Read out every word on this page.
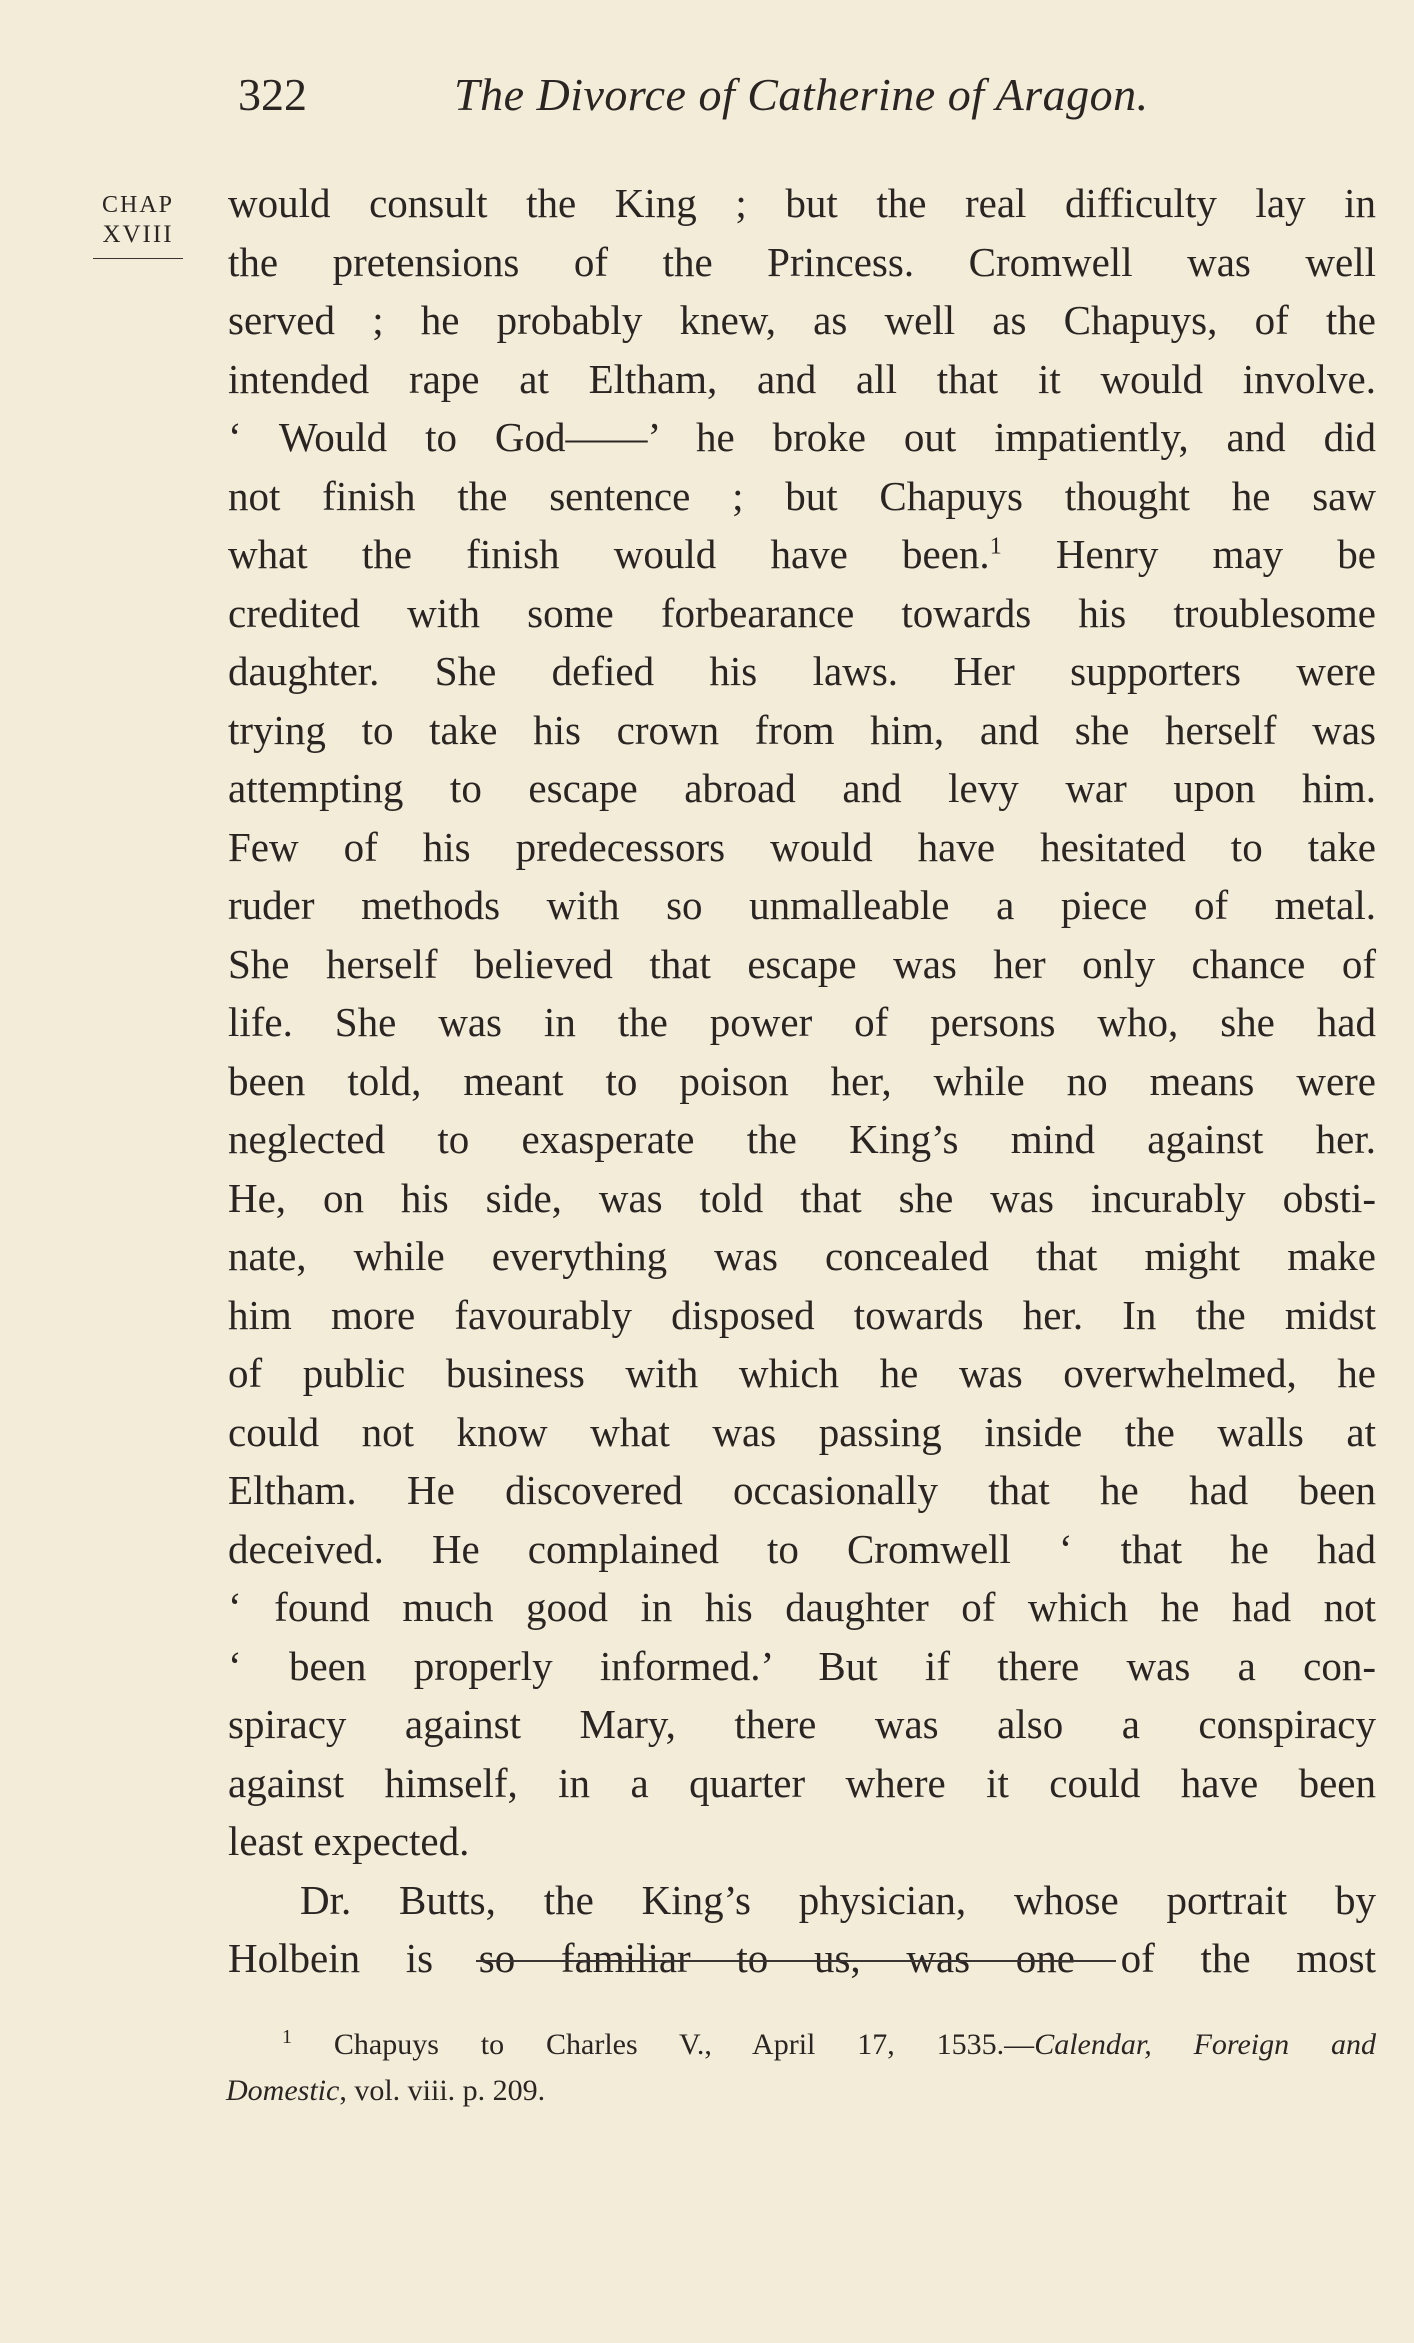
322	The Divorce of Catherine of Aragon.
CHAP
XVIII

would consult the King ; but the real difficulty lay in
the pretensions of the Princess. Cromwell was well
served ; he probably knew, as well as Chapuys, of the
intended rape at Eltham, and all that it would involve.
‘ Would to God——’ he broke out impatiently, and did
not finish the sentence ; but Chapuys thought he saw
what the finish would have been.$^1$ Henry may be
credited with some forbearance towards his troublesome
daughter. She defied his laws. Her supporters were
trying to take his crown from him, and she herself was
attempting to escape abroad and levy war upon him.
Few of his predecessors would have hesitated to take
ruder methods with so unmalleable a piece of metal.
She herself believed that escape was her only chance of
life. She was in the power of persons who, she had
been told, meant to poison her, while no means were
neglected to exasperate the King’s mind against her.
He, on his side, was told that she was incurably obsti-
nate, while everything was concealed that might make
him more favourably disposed towards her. In the midst
of public business with which he was overwhelmed, he
could not know what was passing inside the walls at
Eltham. He discovered occasionally that he had been
deceived. He complained to Cromwell ‘ that he had
‘ found much good in his daughter of which he had not
‘ been properly informed.’ But if there was a con-
spiracy against Mary, there was also a conspiracy
against himself, in a quarter where it could have been
least expected.

Dr. Butts, the King’s physician, whose portrait by
Holbein is so familiar to us, was one of the most

$^1$ Chapuys to Charles V., April 17, 1535.—Calendar, Foreign and
Domestic, vol. viii. p. 209.
